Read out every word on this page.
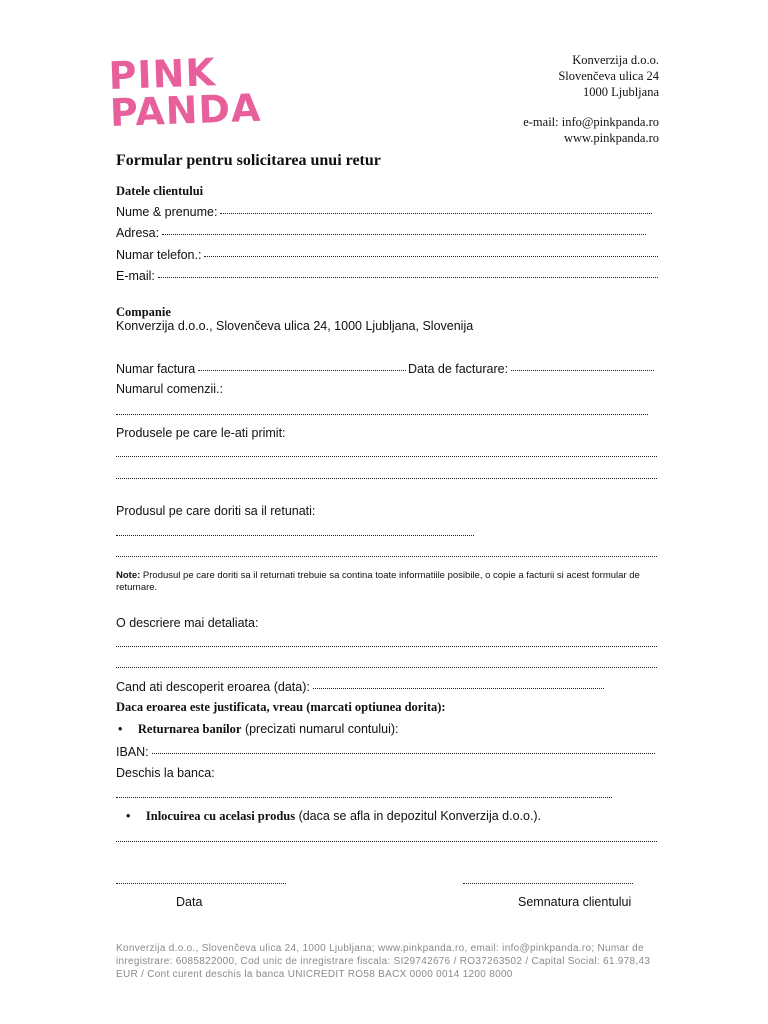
PINK
PANDA
Konverzija d.o.o.
Slovenčeva ulica 24
1000 Ljubljana
e-mail: info@pinkpanda.ro
www.pinkpanda.ro
Formular pentru solicitarea unui retur
Datele clientului
Nume & prenume:
Adresa:
Numar telefon.:
E-mail:
Companie
Konverzija d.o.o., Slovenčeva ulica 24, 1000 Ljubljana, Slovenija
Numar factura	Data de facturare:
Numarul comenzii.:
Produsele pe care le-ati primit:
Produsul pe care doriti sa il retunati:
Note: Produsul pe care doriti sa il returnati trebuie sa contina toate informatiile posibile, o copie a facturii si acest formular de returnare.
O descriere mai detaliata:
Cand ati descoperit eroarea (data):
Daca eroarea este justificata, vreau (marcati optiunea dorita):
• Returnarea banilor (precizati numarul contului):
IBAN:
Deschis la banca:
• Inlocuirea cu acelasi produs (daca se afla in depozitul Konverzija d.o.o.).
Data	Semnatura clientului
Konverzija d.o.o., Slovenčeva ulica 24, 1000 Ljubljana; www.pinkpanda.ro, email: info@pinkpanda.ro; Numar de inregistrare: 6085822000, Cod unic de inregistrare fiscala: SI29742676 / RO37263502 / Capital Social: 61.978,43 EUR / Cont curent deschis la banca UNICREDIT RO58 BACX 0000 0014 1200 8000
